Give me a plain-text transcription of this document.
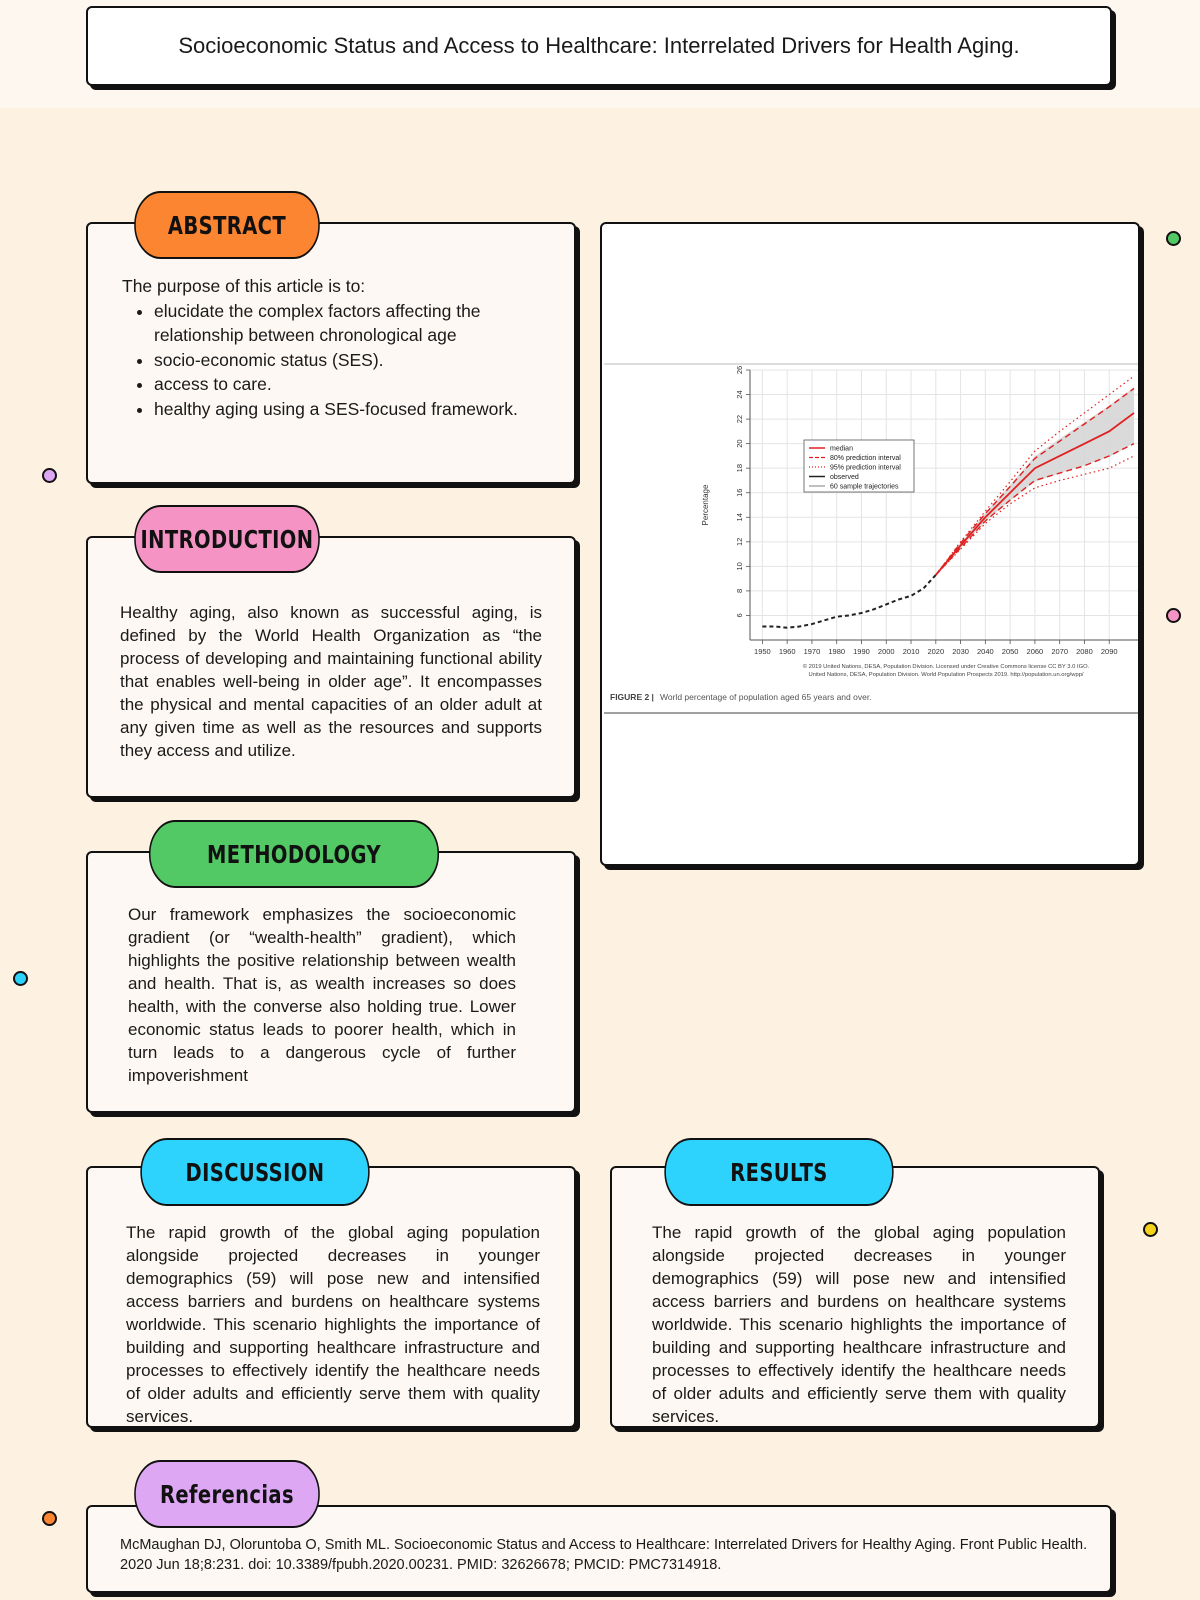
Socioeconomic Status and Access to Healthcare: Interrelated Drivers for Health Aging.
ABSTRACT
The purpose of this article is to:
• elucidate the complex factors affecting the relationship between chronological age
• socio-economic status (SES).
• access to care.
• healthy aging using a SES-focused framework.
INTRODUCTION
Healthy aging, also known as successful aging, is defined by the World Health Organization as “the process of developing and maintaining functional ability that enables well-being in older age”. It encompasses the physical and mental capacities of an older adult at any given time as well as the resources and supports they access and utilize.
METHODOLOGY
Our framework emphasizes the socioeconomic gradient (or “wealth-health” gradient), which highlights the positive relationship between wealth and health. That is, as wealth increases so does health, with the converse also holding true. Lower economic status leads to poorer health, which in turn leads to a dangerous cycle of further impoverishment
DISCUSSION
The rapid growth of the global aging population alongside projected decreases in younger demographics (59) will pose new and intensified access barriers and burdens on healthcare systems worldwide. This scenario highlights the importance of building and supporting healthcare infrastructure and processes to effectively identify the healthcare needs of older adults and efficiently serve them with quality services.
RESULTS
The rapid growth of the global aging population alongside projected decreases in younger demographics (59) will pose new and intensified access barriers and burdens on healthcare systems worldwide. This scenario highlights the importance of building and supporting healthcare infrastructure and processes to effectively identify the healthcare needs of older adults and efficiently serve them with quality services.
Referencias
McMaughan DJ, Oloruntoba O, Smith ML. Socioeconomic Status and Access to Healthcare: Interrelated Drivers for Healthy Aging. Front Public Health. 2020 Jun 18;8:231. doi: 10.3389/fpubh.2020.00231. PMID: 32626678; PMCID: PMC7314918.
1950 1960 1970 1980 1990 2000 2010 2020 2030 2040 2050 2060 2070 2080 2090
6
8
10
12
14
16
18
20
22
24
26
Percentage
median
80% prediction interval
95% prediction interval
observed
60 sample trajectories
© 2019 United Nations, DESA, Population Division. Licensed under Creative Commons license CC BY 3.0 IGO.
United Nations, DESA, Population Division. World Population Prospects 2019. http://population.un.org/wpp/
FIGURE 2 | World percentage of population aged 65 years and over.
